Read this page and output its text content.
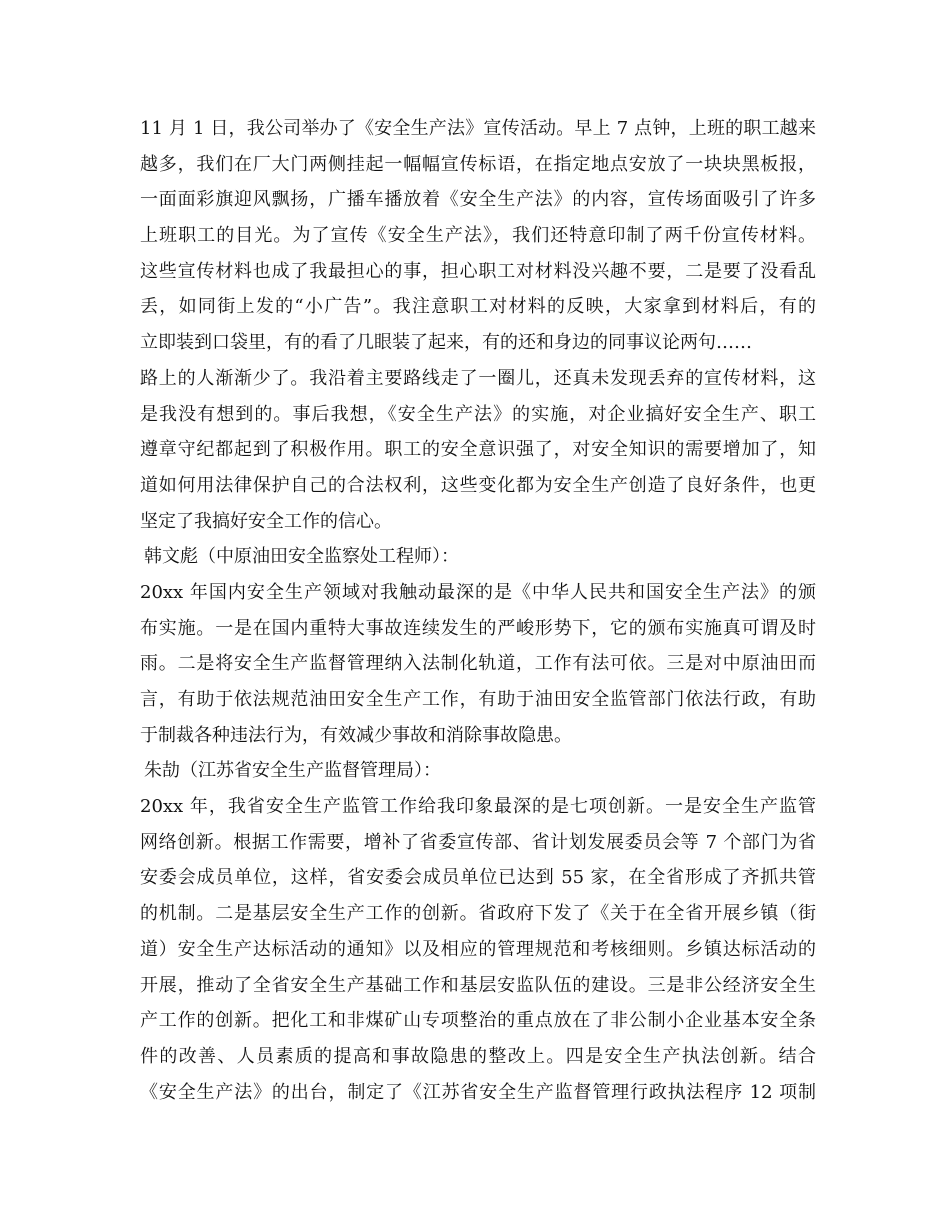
11 月 1 日，我公司举办了《安全生产法》宣传活动。早上 7 点钟，上班的职工越来
越多，我们在厂大门两侧挂起一幅幅宣传标语，在指定地点安放了一块块黑板报，
一面面彩旗迎风飘扬，广播车播放着《安全生产法》的内容，宣传场面吸引了许多
上班职工的目光。为了宣传《安全生产法》，我们还特意印制了两千份宣传材料。
这些宣传材料也成了我最担心的事，担心职工对材料没兴趣不要，二是要了没看乱
丢，如同街上发的“小广告”。我注意职工对材料的反映，大家拿到材料后，有的
立即装到口袋里，有的看了几眼装了起来，有的还和身边的同事议论两句……
路上的人渐渐少了。我沿着主要路线走了一圈儿，还真未发现丢弃的宣传材料，这
是我没有想到的。事后我想，《安全生产法》的实施，对企业搞好安全生产、职工
遵章守纪都起到了积极作用。职工的安全意识强了，对安全知识的需要增加了，知
道如何用法律保护自己的合法权利，这些变化都为安全生产创造了良好条件，也更
坚定了我搞好安全工作的信心。
韩文彪（中原油田安全监察处工程师）：
20xx 年国内安全生产领域对我触动最深的是《中华人民共和国安全生产法》的颁
布实施。一是在国内重特大事故连续发生的严峻形势下，它的颁布实施真可谓及时
雨。二是将安全生产监督管理纳入法制化轨道，工作有法可依。三是对中原油田而
言，有助于依法规范油田安全生产工作，有助于油田安全监管部门依法行政，有助
于制裁各种违法行为，有效减少事故和消除事故隐患。
朱劼（江苏省安全生产监督管理局）：
20xx 年，我省安全生产监管工作给我印象最深的是七项创新。一是安全生产监管
网络创新。根据工作需要，增补了省委宣传部、省计划发展委员会等 7 个部门为省
安委会成员单位，这样，省安委会成员单位已达到 55 家，在全省形成了齐抓共管
的机制。二是基层安全生产工作的创新。省政府下发了《关于在全省开展乡镇（街
道）安全生产达标活动的通知》以及相应的管理规范和考核细则。乡镇达标活动的
开展，推动了全省安全生产基础工作和基层安监队伍的建设。三是非公经济安全生
产工作的创新。把化工和非煤矿山专项整治的重点放在了非公制小企业基本安全条
件的改善、人员素质的提高和事故隐患的整改上。四是安全生产执法创新。结合
《安全生产法》的出台，制定了《江苏省安全生产监督管理行政执法程序 12 项制
